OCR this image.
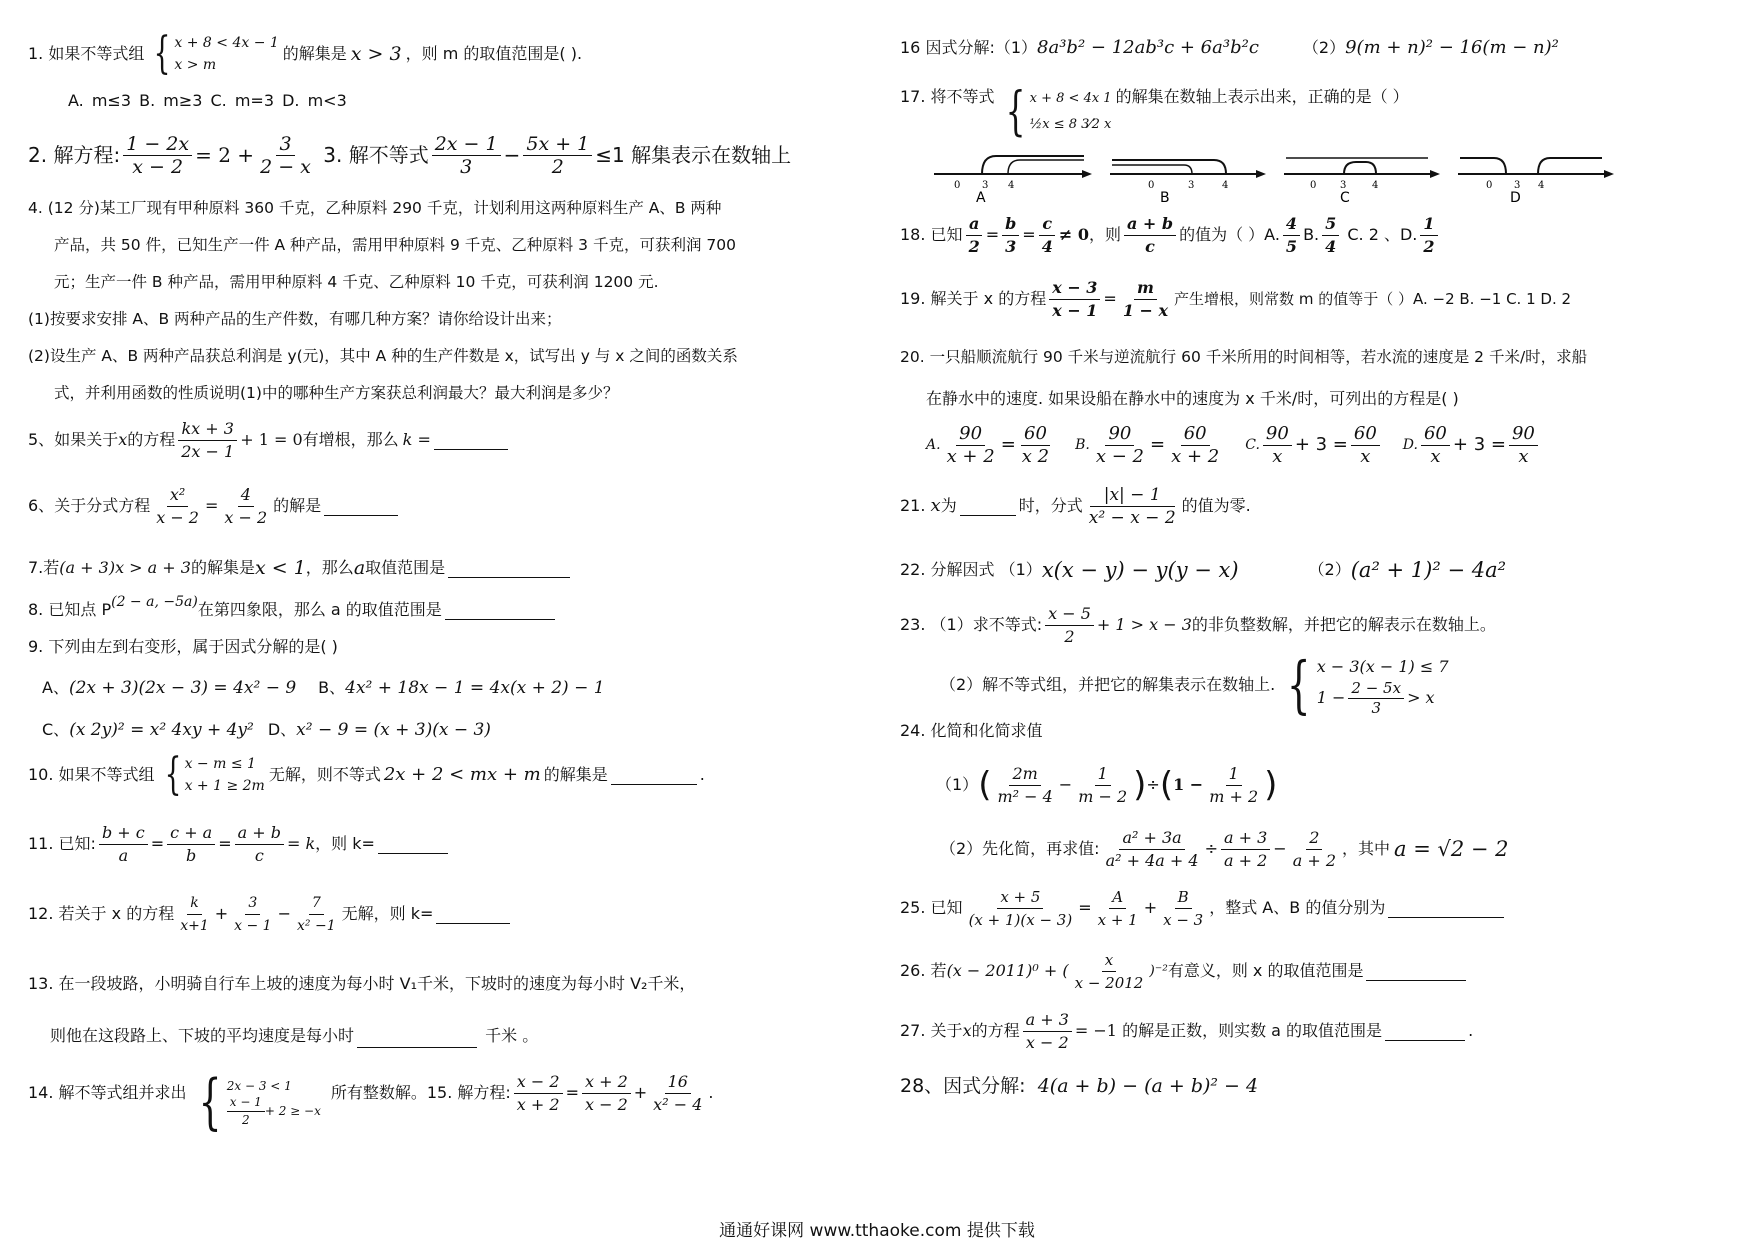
1.
如果不等式组 { x + 8 < 4x − 1
x > m
的解集是 x > 3 ，则 m 的取值范围是( ).
A. m≤3 B. m≥3 C. m=3 D. m<3
2.
解方程: $\frac{1 - 2x}{x - 2} = 2 + \frac{3}{2 - x}$
3.
解不等式 $\frac{2x - 1}{3} - \frac{5x + 1}{2} \le 1$ 解集表示在数轴上
4. (12 分)某工厂现有甲种原料 360 千克，乙种原料 290 千克，计划利用这两种原料生产 A、B 两种
产品，共 50 件，已知生产一件 A 种产品，需用甲种原料 9 千克、乙种原料 3 千克，可获利润 700
元；生产一件 B 种产品，需用甲种原料 4 千克、乙种原料 10 千克，可获利润 1200 元.
(1)按要求安排 A、B 两种产品的生产件数，有哪几种方案？请你给设计出来；
(2)设生产 A、B 两种产品获总利润是 y(元)，其中 A 种的生产件数是 x，试写出 y 与 x 之间的函数关系
式，并利用函数的性质说明(1)中的哪种生产方案获总利润最大？最大利润是多少？
5、 如果关于 x 的方程 $\frac{kx + 3}{2x - 1} + 1 = 0$ 有增根，那么 k =
6、 关于分式方程 $\frac{\text{x²}}{x - 2} = \frac{4}{x - 2}$ 的解是
7. 若 (a + 3)x > a + 3 的解集是 x < 1 ，那么 a 取值范围是
8.
已知点 P (2 − a, −5a) 在第四象限，那么 a 的取值范围是
9. 下列由左到右变形，属于因式分解的是( )
A、 (2x + 3)(2x − 3) = 4x² − 9 B、 4x² + 18x − 1 = 4x(x + 2) − 1
C、 (x 2y)² = x² 4xy + 4y² D、 x² − 9 = (x + 3)(x − 3)
10.
如果不等式组 { x − m ≤ 1
x + 1 ≥ 2m
无解，则不等式 2x + 2 < mx + m 的解集是	.
11.
已知: $\frac{b + c}{a} = \frac{c + a}{b} = \frac{a + b}{c} = k$ ，则 k=
12.
若关于 x 的方程 $\frac{k}{x+1} + \frac{3}{x - 1} - \frac{7}{\text{x² −1}}$ 无解，则 k=
13. 在一段坡路，小明骑自行车上坡的速度为每小时 V₁千米，下坡时的速度为每小时 V₂千米，
则他在这段路上、下坡的平均速度是每小时
	千米 。
14. 解不等式组并求出 { 2x − 3 < 1
$\frac{x - 1}{2} + 2 \ge -x$
所有整数解。 15. 解方程: $\frac{x - 2}{x + 2} = \frac{x + 2}{x - 2} + \frac{16}{\text{x² − 4}}$ .
16 因式分解:（1） 8a³b² − 12ab³c + 6a³b²c	（2） 9(m + n)² − 16(m − n)²
17.
将不等式 { x + 8 < 4x 1
½x ≤ 8 3⁄2 x
的解集在数轴上表示出来，正确的是（ ）
0 3 4
A
0	3	4
B
0 3	4
C
0 3 4
D
18.
已知 $\frac{a}{2} = \frac{b}{3} = \frac{c}{4} \ne 0$ ，则 $\frac{a + b}{c}$ 的值为（ ）A. $\frac{4}{5} B$. $\frac{5}{4}$
C. 2 、D. $\frac{1}{2}$
19.
解关于 x 的方程 $\frac{x - 3}{x - 1} = \frac{m}{1 - x}$ 产生增根，则常数 m 的值等于（ ）A. −2 B. −1 C. 1 D. 2
20. 一只船顺流航行 90 千米与逆流航行 60 千米所用的时间相等，若水流的速度是 2 千米/时，求船
在静水中的速度. 如果设船在静水中的速度为 x 千米/时，可列出的方程是( )
A. $\frac{90}{x + 2} = \frac{60}{x 2} B$. $\frac{90}{x - 2} = \frac{60}{x + 2} C$. $\frac{90}{x} + 3 = \frac{60}{x} D$. $\frac{60}{x} + 3 = \frac{90}{x}$
21.
x 为	时，分式 $\frac{|x| - 1}{\text{x² − x − 2}}$ 的值为零.
22. 分解因式 （1） x(x − y) − y(y − x)	（2） (a² + 1)² − 4a²
23. （1）求不等式: $\frac{x - 5}{2} + 1 > x - 3$ 的非负整数解，并把它的解表示在数轴上。
（2）解不等式组，并把它的解集表示在数轴上. { x − 3(x − 1) ≤ 7
$1 - \frac{2 - 5x}{3} > x$
24. 化简和化简求值
（1） ( $\frac{2m}{\text{m² − 4}} - \frac{1}{m - 2}$ ) ÷ ( $1 - \frac{1}{m + 2}$ )
（2）先化简，再求值: $\frac{\text{a² + 3a}}{\text{a² + 4a + 4}} \div \frac{a + 3}{a + 2} - \frac{2}{a + 2}$ ，其中 a = √2 − 2
25.
已知 $\frac{x + 5}{(x + 1)(x - 3)} = \frac{A}{x + 1} + \frac{B}{x - 3}$ ，整式 A、B 的值分别为
26.
若 (x − 2011)⁰ + ( $\frac{x}{x - 2012} )^{-2}$ 有意义，则 x 的取值范围是
27.
关于 x 的方程 $\frac{a + 3}{x - 2} = -1$
的解是正数，则实数 a 的取值范围是	.
28、因式分解:
4(a + b) − (a + b)² − 4
通通好课网 www.tthaoke.com 提供下载
